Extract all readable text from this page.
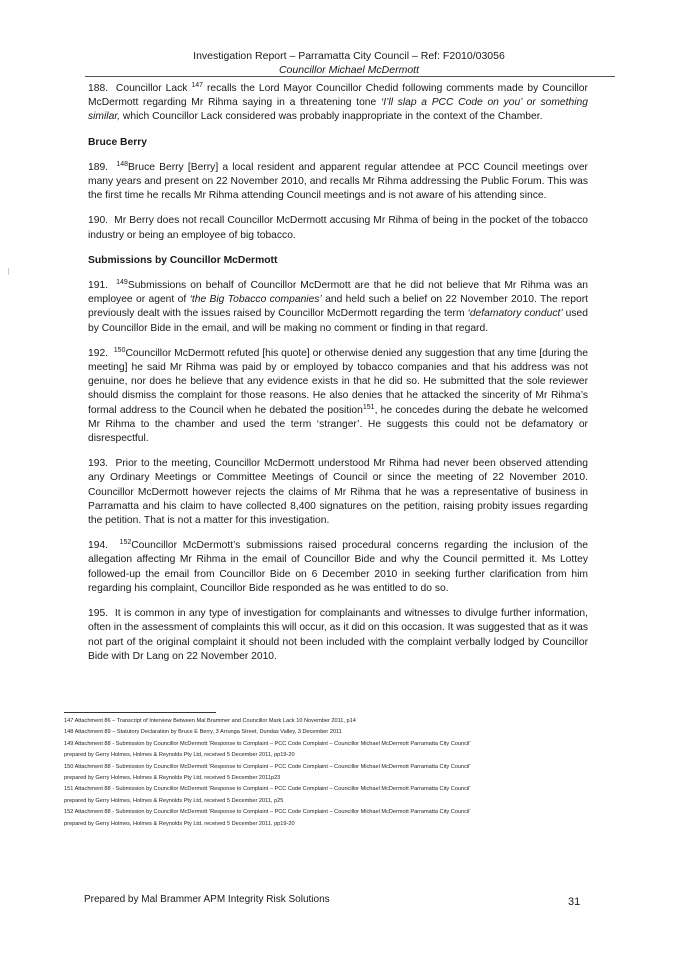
Investigation Report – Parramatta City Council – Ref: F2010/03056
Councillor Michael McDermott

188. Councillor Lack $^{147}$ recalls the Lord Mayor Councillor Chedid following comments made by Councillor McDermott regarding Mr Rihma saying in a threatening tone ‘I’ll slap a PCC Code on you’ or something similar, which Councillor Lack considered was probably inappropriate in the context of the Chamber.

Bruce Berry

189. $^{148}$Bruce Berry [Berry] a local resident and apparent regular attendee at PCC Council meetings over many years and present on 22 November 2010, and recalls Mr Rihma addressing the Public Forum. This was the first time he recalls Mr Rihma attending Council meetings and is not aware of his attending since.

190. Mr Berry does not recall Councillor McDermott accusing Mr Rihma of being in the pocket of the tobacco industry or being an employee of big tobacco.

Submissions by Councillor McDermott

191. $^{149}$Submissions on behalf of Councillor McDermott are that he did not believe that Mr Rihma was an employee or agent of ‘the Big Tobacco companies’ and held such a belief on 22 November 2010. The report previously dealt with the issues raised by Councillor McDermott regarding the term ‘defamatory conduct’ used by Councillor Bide in the email, and will be making no comment or finding in that regard.

192. $^{150}$Councillor McDermott refuted [his quote] or otherwise denied any suggestion that any time [during the meeting] he said Mr Rihma was paid by or employed by tobacco companies and that his address was not genuine, nor does he believe that any evidence exists in that he did so. He submitted that the sole reviewer should dismiss the complaint for those reasons. He also denies that he attacked the sincerity of Mr Rihma’s formal address to the Council when he debated the position$^{151}$, he concedes during the debate he welcomed Mr Rihma to the chamber and used the term ‘stranger’. He suggests this could not be defamatory or disrespectful.

193. Prior to the meeting, Councillor McDermott understood Mr Rihma had never been observed attending any Ordinary Meetings or Committee Meetings of Council or since the meeting of 22 November 2010. Councillor McDermott however rejects the claims of Mr Rihma that he was a representative of business in Parramatta and his claim to have collected 8,400 signatures on the petition, raising probity issues regarding the petition. That is not a matter for this investigation.

194. $^{152}$Councillor McDermott’s submissions raised procedural concerns regarding the inclusion of the allegation affecting Mr Rihma in the email of Councillor Bide and why the Council permitted it. Ms Lottey followed-up the email from Councillor Bide on 6 December 2010 in seeking further clarification from him regarding his complaint, Councillor Bide responded as he was entitled to do so.

195. It is common in any type of investigation for complainants and witnesses to divulge further information, often in the assessment of complaints this will occur, as it did on this occasion. It was suggested that as it was not part of the original complaint it should not been included with the complaint verbally lodged by Councillor Bide with Dr Lang on 22 November 2010.

147 Attachment 86 – Transcript of Interview Between Mal Brammer and Councillor Mark Lack 10 November 2011, p14
148 Attachment 89 – Statutory Declaration by Bruce E Berry, 3 Arrunga Street, Dundas Valley, 3 December 2011
149 Attachment 88 - Submission by Councillor McDermott ‘Response to Complaint – PCC Code Complaint – Councillor Michael McDermott Parramatta City Council’
prepared by Gerry Holmes, Holmes & Reynolds Pty Ltd, received 5 December 2011, pp19-20
150 Attachment 88 - Submission by Councillor McDermott ‘Response to Complaint – PCC Code Complaint – Councillor Michael McDermott Parramatta City Council’
prepared by Gerry Holmes, Holmes & Reynolds Pty Ltd, received 5 December 2011p23
151 Attachment 88 - Submission by Councillor McDermott ‘Response to Complaint – PCC Code Complaint – Councillor Michael McDermott Parramatta City Council’
prepared by Gerry Holmes, Holmes & Reynolds Pty Ltd, received 5 December 2011, p25
152 Attachment 88 - Submission by Councillor McDermott ‘Response to Complaint – PCC Code Complaint – Councillor Michael McDermott Parramatta City Council’
prepared by Gerry Holmes, Holmes & Reynolds Pty Ltd, received 5 December 2011, pp19-20
Prepared by Mal Brammer APM Integrity Risk Solutions	31
